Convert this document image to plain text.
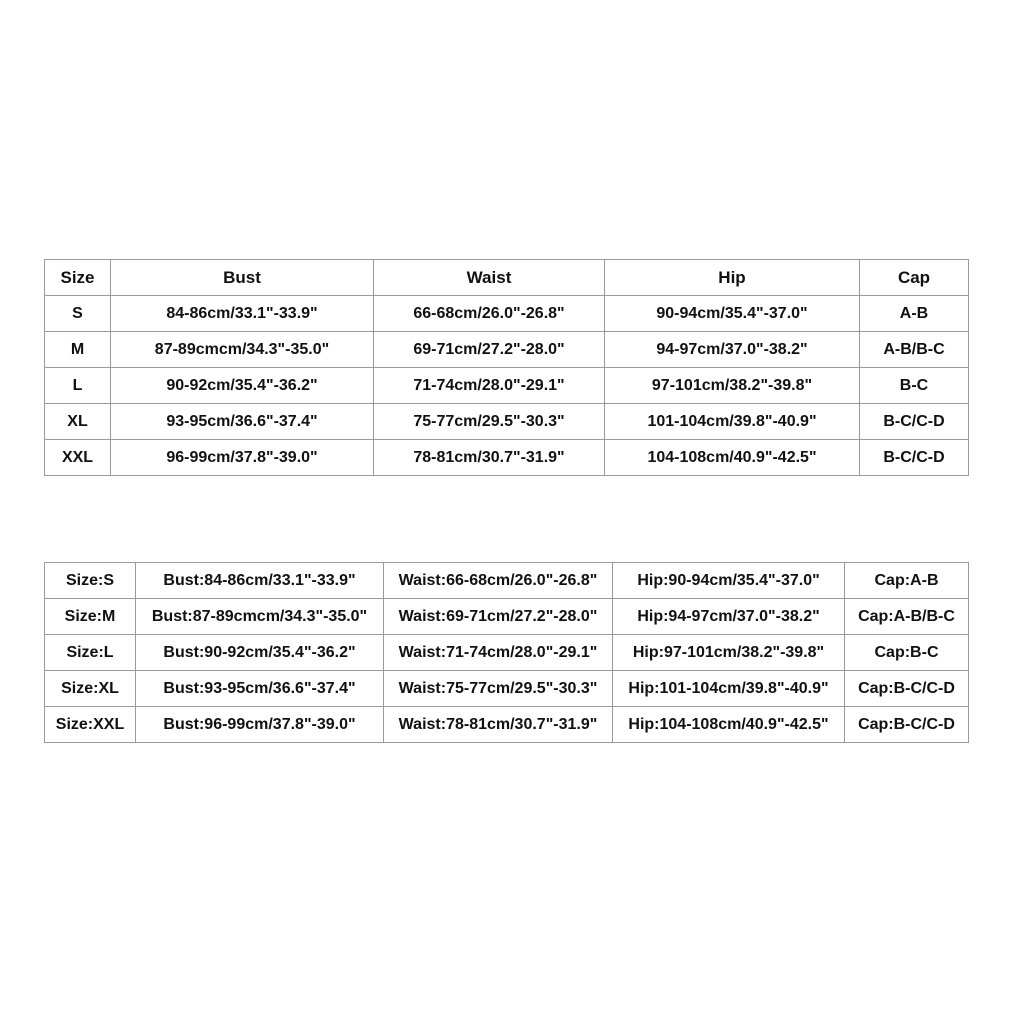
Size	Bust	Waist	Hip	Cap
S	84-86cm/33.1"-33.9"	66-68cm/26.0"-26.8"	90-94cm/35.4"-37.0"	A-B
M	87-89cmcm/34.3"-35.0"	69-71cm/27.2"-28.0"	94-97cm/37.0"-38.2"	A-B/B-C
L	90-92cm/35.4"-36.2"	71-74cm/28.0"-29.1"	97-101cm/38.2"-39.8"	B-C
XL	93-95cm/36.6"-37.4"	75-77cm/29.5"-30.3"	101-104cm/39.8"-40.9"	B-C/C-D
XXL	96-99cm/37.8"-39.0"	78-81cm/30.7"-31.9"	104-108cm/40.9"-42.5"	B-C/C-D
Size:S	Bust:84-86cm/33.1"-33.9"	Waist:66-68cm/26.0"-26.8"	Hip:90-94cm/35.4"-37.0"	Cap:A-B
Size:M	Bust:87-89cmcm/34.3"-35.0"	Waist:69-71cm/27.2"-28.0"	Hip:94-97cm/37.0"-38.2"	Cap:A-B/B-C
Size:L	Bust:90-92cm/35.4"-36.2"	Waist:71-74cm/28.0"-29.1"	Hip:97-101cm/38.2"-39.8"	Cap:B-C
Size:XL	Bust:93-95cm/36.6"-37.4"	Waist:75-77cm/29.5"-30.3"	Hip:101-104cm/39.8"-40.9"	Cap:B-C/C-D
Size:XXL	Bust:96-99cm/37.8"-39.0"	Waist:78-81cm/30.7"-31.9"	Hip:104-108cm/40.9"-42.5"	Cap:B-C/C-D
